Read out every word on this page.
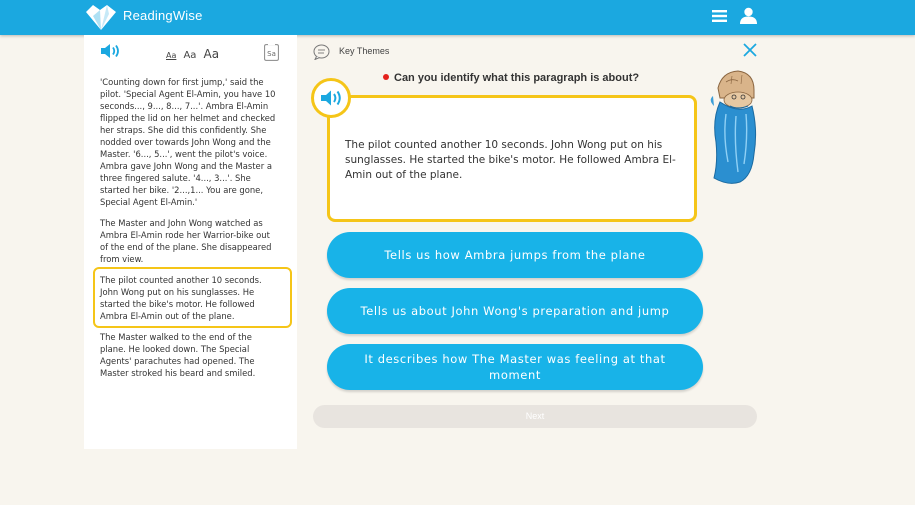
ReadingWise
Aa Aa Aa	Sa

'Counting down for first jump,' said the pilot. 'Special Agent El-Amin, you have 10 seconds..., 9..., 8..., 7...'. Ambra El-Amin flipped the lid on her helmet and checked her straps. She did this confidently. She nodded over towards John Wong and the Master. '6..., 5...', went the pilot's voice. Ambra gave John Wong and the Master a three fingered salute. '4..., 3...'. She started her bike. '2...,1... You are gone, Special Agent El-Amin.'

The Master and John Wong watched as Ambra El-Amin rode her Warrior-bike out of the end of the plane. She disappeared from view.

The pilot counted another 10 seconds. John Wong put on his sunglasses. He started the bike's motor. He followed Ambra El-Amin out of the plane.

The Master walked to the end of the plane. He looked down. The Special Agents' parachutes had opened. The Master stroked his beard and smiled.

Key Themes
Can you identify what this paragraph is about?

The pilot counted another 10 seconds. John Wong put on his sunglasses. He started the bike's motor. He followed Ambra El-Amin out of the plane.

Tells us how Ambra jumps from the plane
Tells us about John Wong's preparation and jump
It describes how The Master was feeling at that moment
Next
